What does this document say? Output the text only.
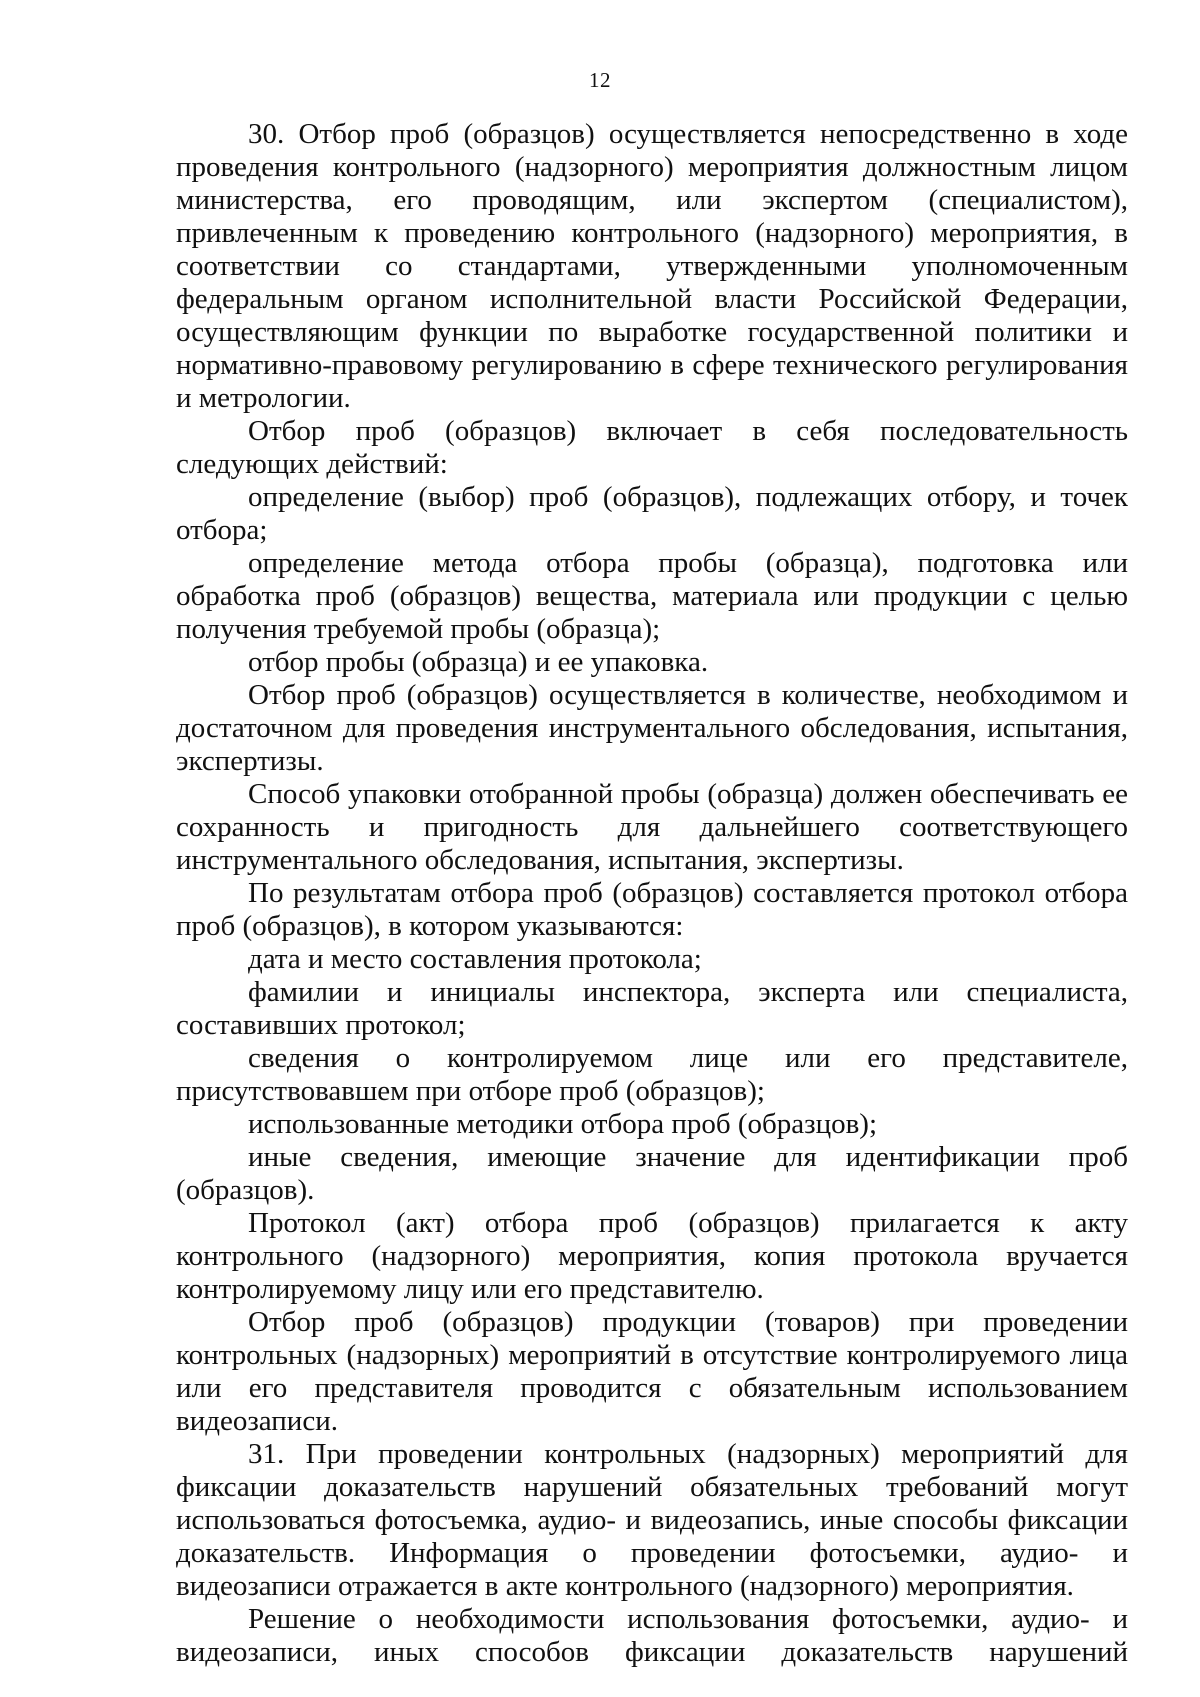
12

30. Отбор проб (образцов) осуществляется непосредственно в ходе проведения контрольного (надзорного) мероприятия должностным лицом министерства, его проводящим, или экспертом (специалистом), привлеченным к проведению контрольного (надзорного) мероприятия, в соответствии со стандартами, утвержденными уполномоченным федеральным органом исполнительной власти Российской Федерации, осуществляющим функции по выработке государственной политики и нормативно-правовому регулированию в сфере технического регулирования и метрологии.

Отбор проб (образцов) включает в себя последовательность следующих действий:

определение (выбор) проб (образцов), подлежащих отбору, и точек отбора;

определение метода отбора пробы (образца), подготовка или обработка проб (образцов) вещества, материала или продукции с целью получения требуемой пробы (образца);

отбор пробы (образца) и ее упаковка.

Отбор проб (образцов) осуществляется в количестве, необходимом и достаточном для проведения инструментального обследования, испытания, экспертизы.

Способ упаковки отобранной пробы (образца) должен обеспечивать ее сохранность и пригодность для дальнейшего соответствующего инструментального обследования, испытания, экспертизы.

По результатам отбора проб (образцов) составляется протокол отбора проб (образцов), в котором указываются:

дата и место составления протокола;

фамилии и инициалы инспектора, эксперта или специалиста, составивших протокол;

сведения о контролируемом лице или его представителе, присутствовавшем при отборе проб (образцов);

использованные методики отбора проб (образцов);

иные сведения, имеющие значение для идентификации проб (образцов).

Протокол (акт) отбора проб (образцов) прилагается к акту контрольного (надзорного) мероприятия, копия протокола вручается контролируемому лицу или его представителю.

Отбор проб (образцов) продукции (товаров) при проведении контрольных (надзорных) мероприятий в отсутствие контролируемого лица или его представителя проводится с обязательным использованием видеозаписи.

31. При проведении контрольных (надзорных) мероприятий для фиксации доказательств нарушений обязательных требований могут использоваться фотосъемка, аудио- и видеозапись, иные способы фиксации доказательств. Информация о проведении фотосъемки, аудио- и видеозаписи отражается в акте контрольного (надзорного) мероприятия.

Решение о необходимости использования фотосъемки, аудио- и видеозаписи, иных способов фиксации доказательств нарушений
